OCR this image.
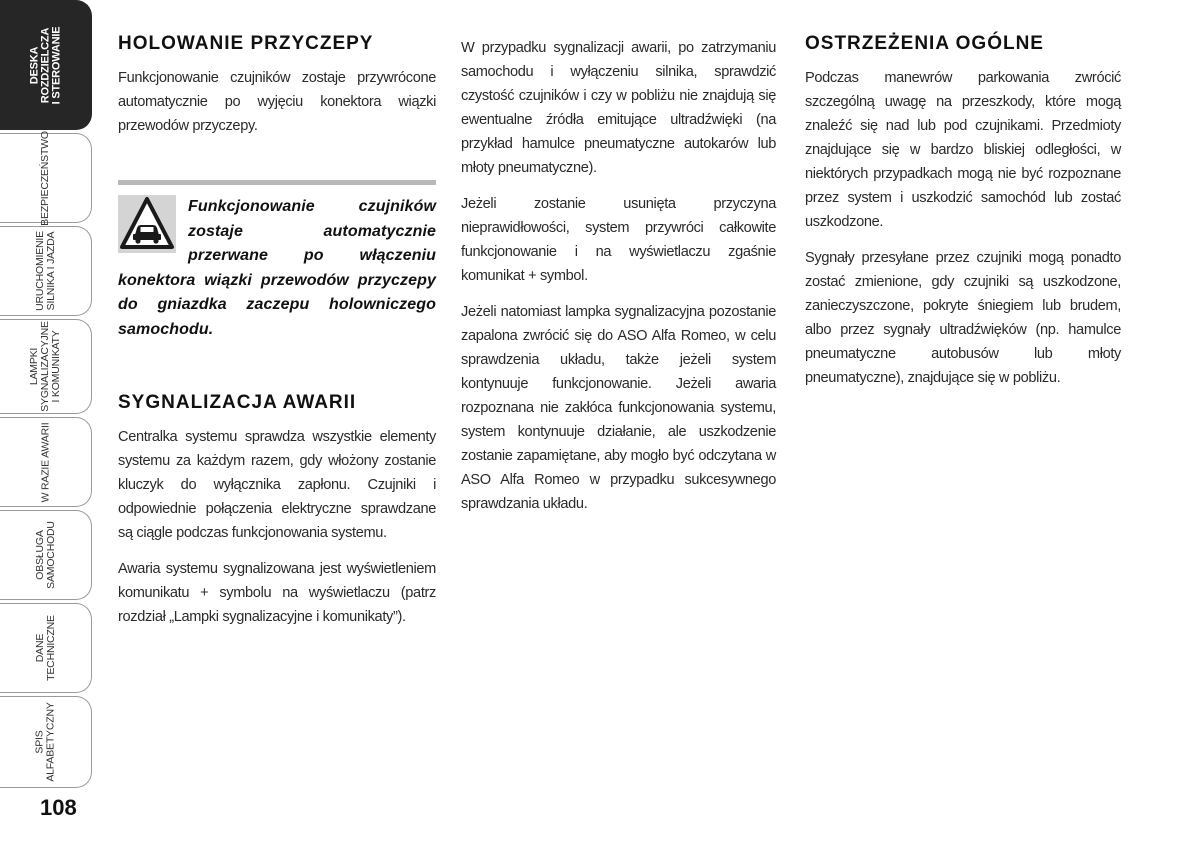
DESKA
ROZDZIELCZA
I STEROWANIE
BEZPIECZEŃSTWO
URUCHOMIENIE
SILNIKA I JAZDA
LAMPKI
SYGNALIZACYJNE
I KOMUNIKATY
W RAZIE AWARII
OBSŁUGA
SAMOCHODU
DANE
TECHNICZNE
SPIS
ALFABETYCZNY
108
HOLOWANIE PRZYCZEPY

Funkcjonowanie czujników zostaje przywrócone automatycznie po wyjęciu konektora wiązki przewodów przyczepy.

Funkcjonowanie czujników zostaje automatycznie przerwane po włączeniu konektora wiązki przewodów przyczepy do gniazdka zaczepu holowniczego samochodu.

SYGNALIZACJA AWARII

Centralka systemu sprawdza wszystkie elementy systemu za każdym razem, gdy włożony zostanie kluczyk do wyłącznika zapłonu. Czujniki i odpowiednie połączenia elektryczne sprawdzane są ciągle podczas funkcjonowania systemu.

Awaria systemu sygnalizowana jest wyświetleniem komunikatu + symbolu na wyświetlaczu (patrz rozdział „Lampki sygnalizacyjne i komunikaty”).

W przypadku sygnalizacji awarii, po zatrzymaniu samochodu i wyłączeniu silnika, sprawdzić czystość czujników i czy w pobliżu nie znajdują się ewentualne źródła emitujące ultradźwięki (na przykład hamulce pneumatyczne autokarów lub młoty pneumatyczne).

Jeżeli zostanie usunięta przyczyna nieprawidłowości, system przywróci całkowite funkcjonowanie i na wyświetlaczu zgaśnie komunikat + symbol.

Jeżeli natomiast lampka sygnalizacyjna pozostanie zapalona zwrócić się do ASO Alfa Romeo, w celu sprawdzenia układu, także jeżeli system kontynuuje funkcjonowanie. Jeżeli awaria rozpoznana nie zakłóca funkcjonowania systemu, system kontynuuje działanie, ale uszkodzenie zostanie zapamiętane, aby mogło być odczytana w ASO Alfa Romeo w przypadku sukcesywnego sprawdzania układu.

OSTRZEŻENIA OGÓLNE

Podczas manewrów parkowania zwrócić szczególną uwagę na przeszkody, które mogą znaleźć się nad lub pod czujnikami. Przedmioty znajdujące się w bardzo bliskiej odległości, w niektórych przypadkach mogą nie być rozpoznane przez system i uszkodzić samochód lub zostać uszkodzone.

Sygnały przesyłane przez czujniki mogą ponadto zostać zmienione, gdy czujniki są uszkodzone, zanieczyszczone, pokryte śniegiem lub brudem, albo przez sygnały ultradźwięków (np. hamulce pneumatyczne autobusów lub młoty pneumatyczne), znajdujące się w pobliżu.
